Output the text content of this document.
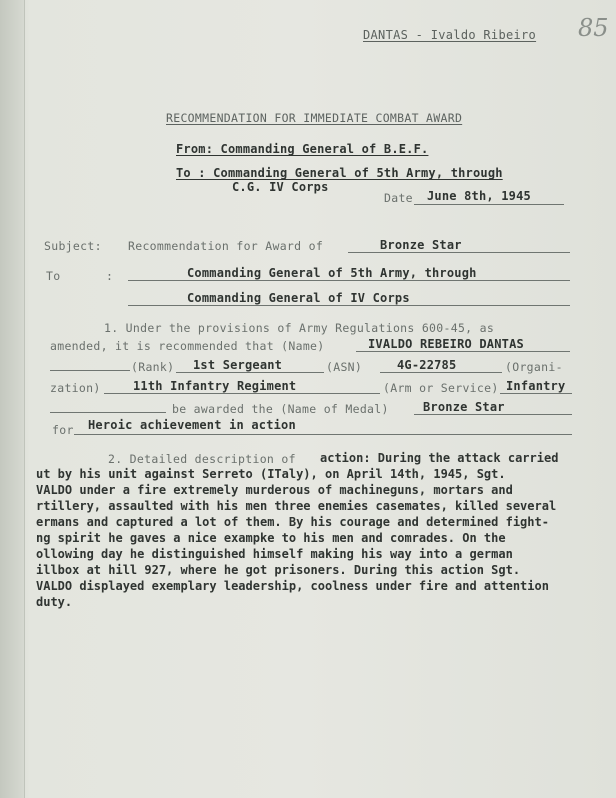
DANTAS - Ivaldo Ribeiro 85
RECOMMENDATION FOR IMMEDIATE COMBAT AWARD
From: Commanding General of B.E.F.
To : Commanding General of 5th Army, through
C.G. IV Corps
Date June 8th, 1945
Subject: Recommendation for Award of	Bronze Star
To	:	Commanding General of 5th Army, through
Commanding General of IV Corps
1. Under the provisions of Army Regulations 600-45, as
amended, it is recommended that (Name)	IVALDO REBEIRO DANTAS
(Rank) 1st Sergeant	(ASN)	4G-22785	(Organi-
zation)	11th Infantry Regiment	(Arm or Service) Infantry
be awarded the (Name of Medal)	Bronze Star
for Heroic achievement in action
2. Detailed description of action: During the attack carried
ut by his unit against Serreto (ITaly), on April 14th, 1945, Sgt.
VALDO under a fire extremely murderous of machineguns, mortars and
rtillery, assaulted with his men three enemies casemates, killed several
ermans and captured a lot of them. By his courage and determined fight-
ng spirit he gaves a nice exampke to his men and comrades. On the
ollowing day he distinguished himself making his way into a german
illbox at hill 927, where he got prisoners. During this action Sgt.
VALDO displayed exemplary leadership, coolness under fire and attention
duty.
